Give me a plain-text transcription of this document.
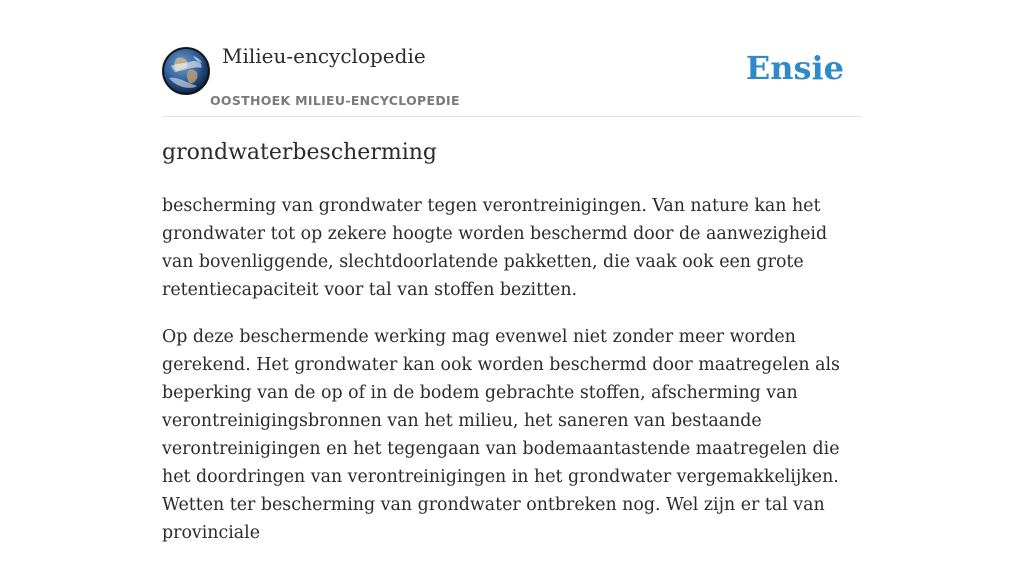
Milieu-encyclopedie
OOSTHOEK MILIEU-ENCYCLOPEDIE
Ensie
grondwaterbescherming

bescherming van grondwater tegen verontreinigingen. Van nature kan het grondwater tot op zekere hoogte worden beschermd door de aanwezigheid van bovenliggende, slechtdoorlatende pakketten, die vaak ook een grote retentiecapaciteit voor tal van stoffen bezitten.

Op deze beschermende werking mag evenwel niet zonder meer worden gerekend. Het grondwater kan ook worden beschermd door maatregelen als beperking van de op of in de bodem gebrachte stoffen, afscherming van verontreinigingsbronnen van het milieu, het saneren van bestaande verontreinigingen en het tegengaan van bodemaantastende maatregelen die het doordringen van verontreinigingen in het grondwater vergemakkelijken. Wetten ter bescherming van grondwater ontbreken nog. Wel zijn er tal van provinciale
